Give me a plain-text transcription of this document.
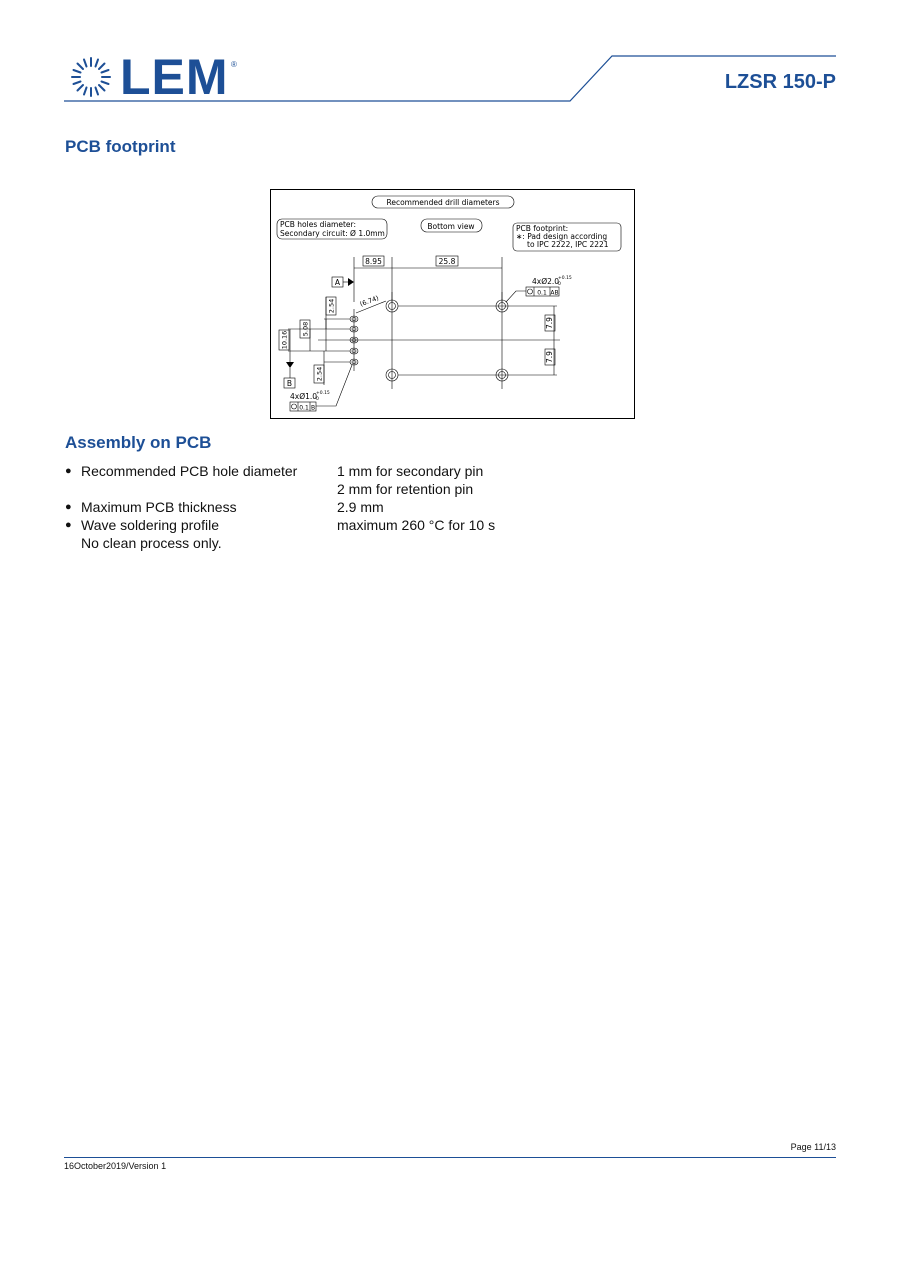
LEM ®
LZSR 150-P
PCB footprint
Recommended drill diameters
PCB holes diameter:
Secondary circuit: Ø 1.0mm
Bottom view	PCB footprint:
∗: Pad design according
to IPC 2222, IPC 2221
8.95	25.8
A
7.9
7.9
4xØ2.0
+0.15
0
0.1 AB
(6.74)
10.16
2.54
5.08
2.54
B
4xØ1.0
+0.15
0
0.1 B
Assembly on PCB
● Recommended PCB hole diameter	1 mm for secondary pin
2 mm for retention pin
● Maximum PCB thickness	2.9 mm
● Wave soldering profile	maximum 260 °C for 10 s
No clean process only.
Page 11/13
16October2019/Version 1
